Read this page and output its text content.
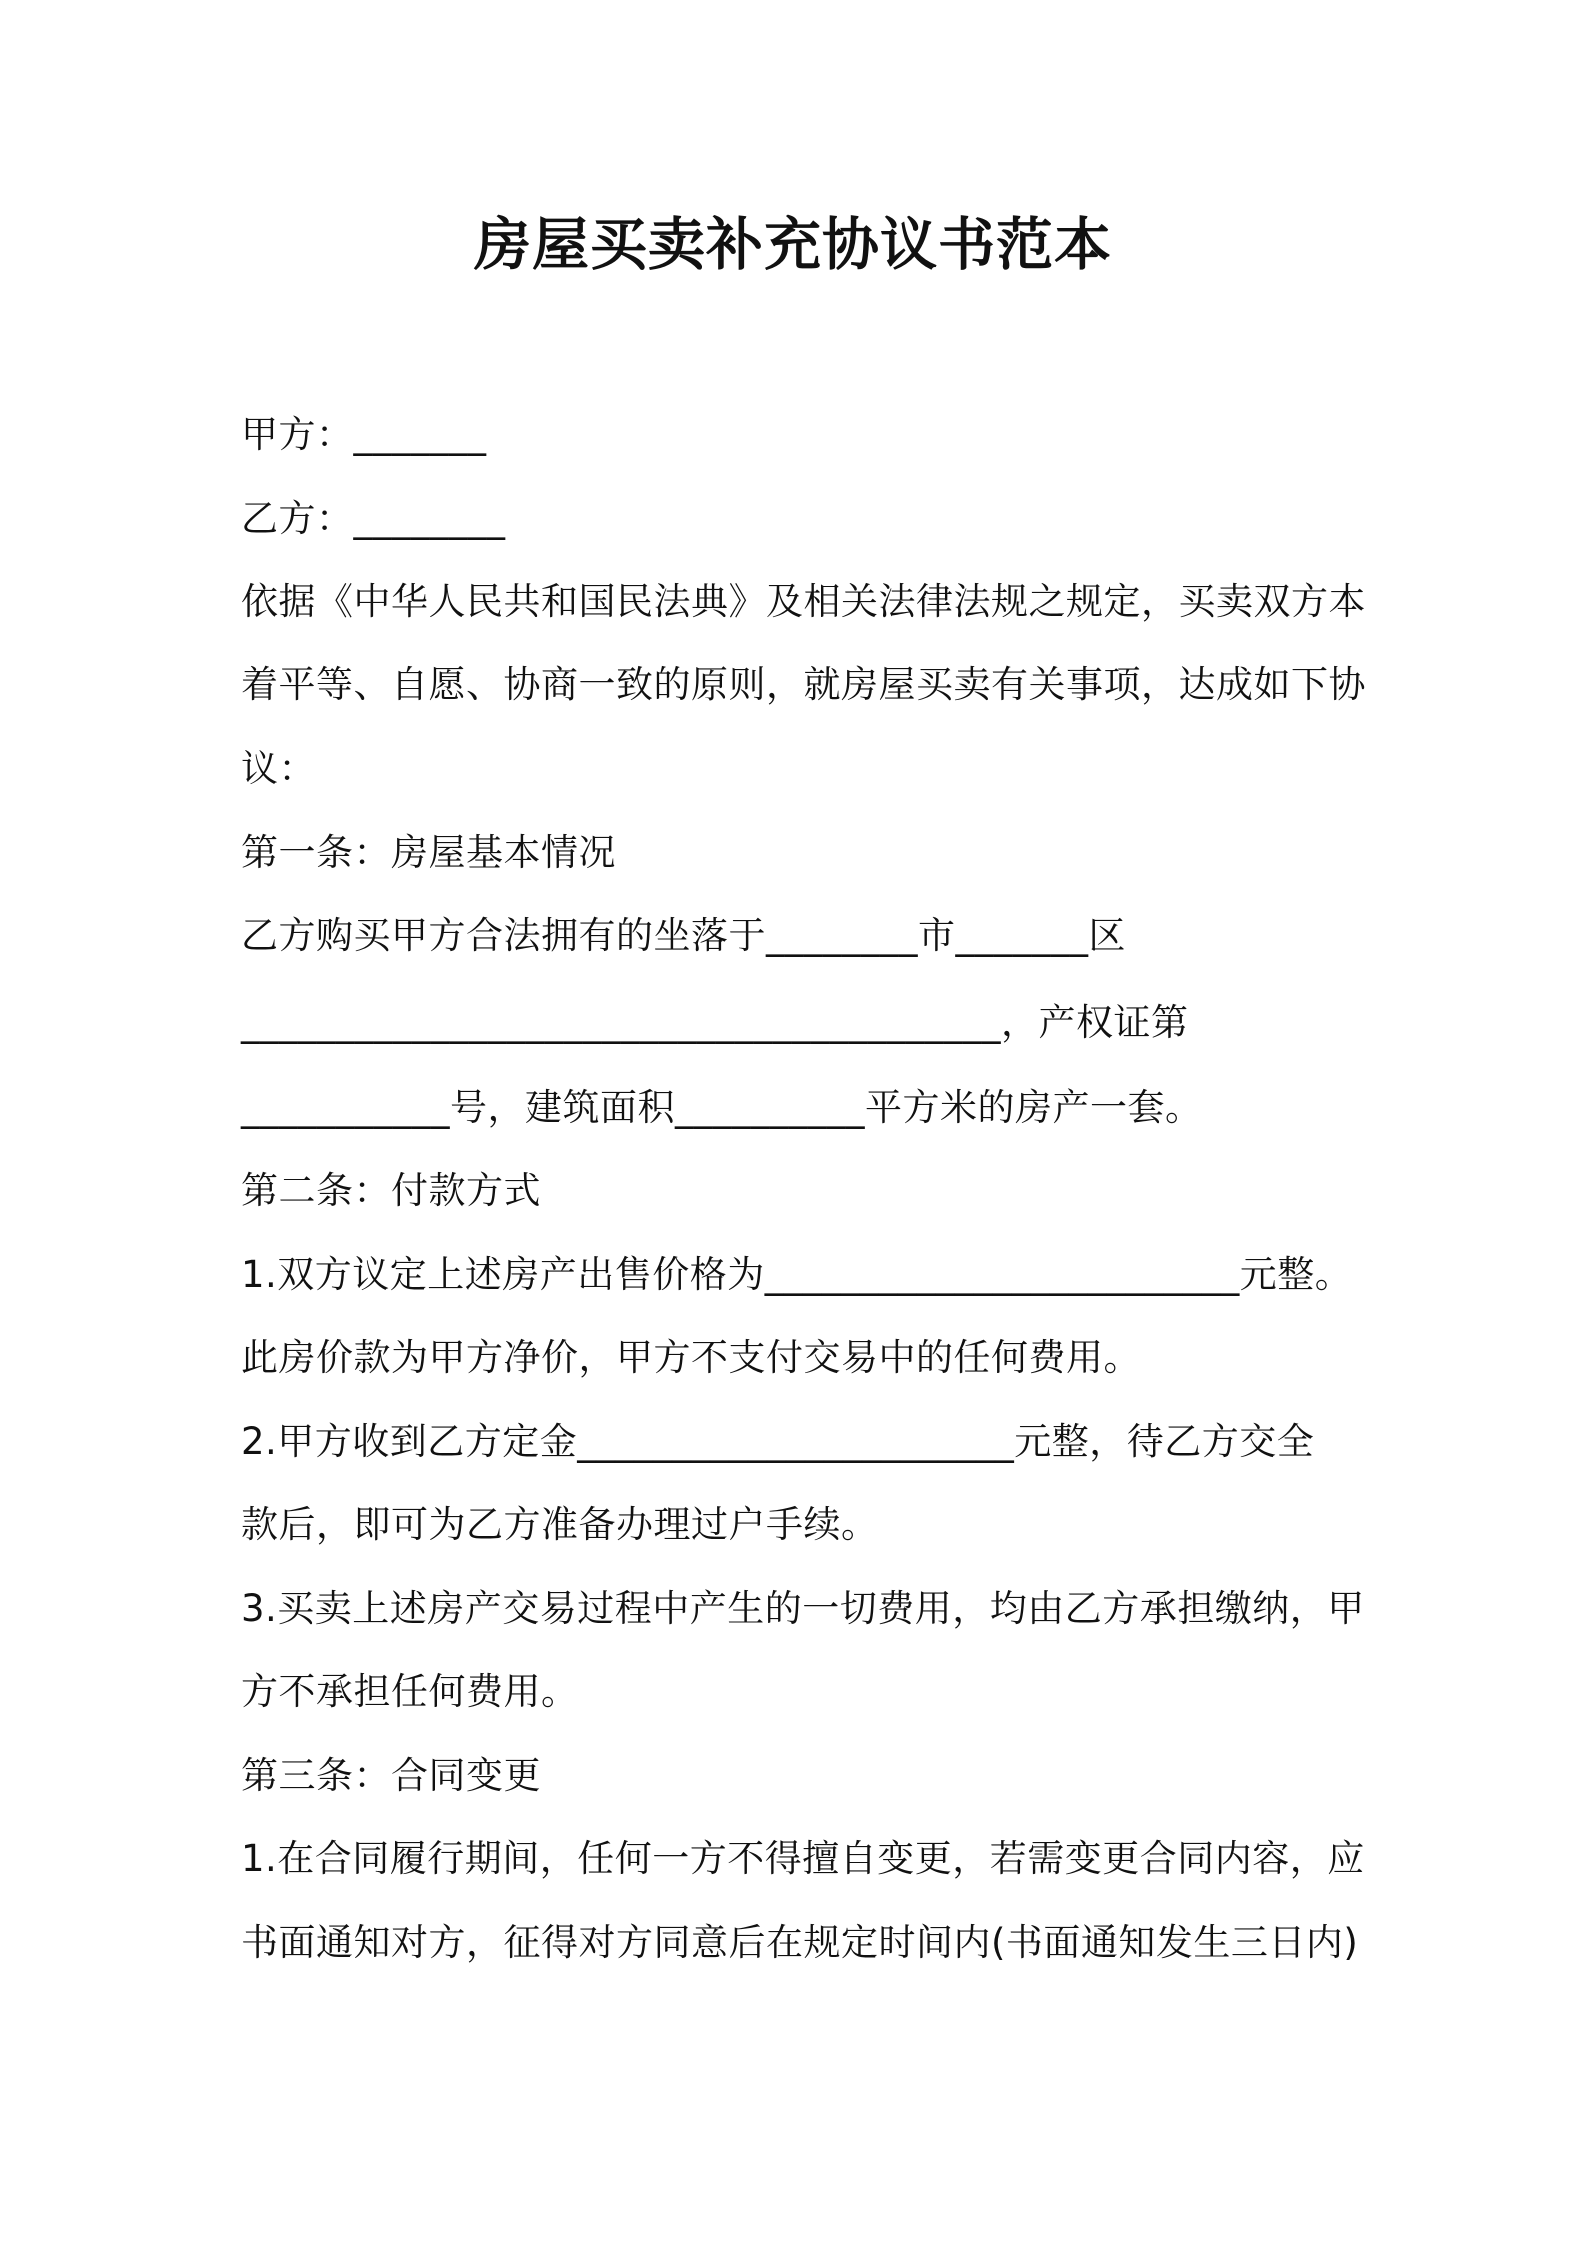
房屋买卖补充协议书范本

甲方：_______

乙方：________

依据《中华人民共和国民法典》及相关法律法规之规定，买卖双方本

着平等、自愿、协商一致的原则，就房屋买卖有关事项，达成如下协

议：

第一条：房屋基本情况

乙方购买甲方合法拥有的坐落于________市_______区

________________________________________，产权证第

___________号，建筑面积__________平方米的房产一套。

第二条：付款方式

1.双方议定上述房产出售价格为_________________________元整。

此房价款为甲方净价，甲方不支付交易中的任何费用。

2.甲方收到乙方定金_______________________元整，待乙方交全

款后，即可为乙方准备办理过户手续。

3.买卖上述房产交易过程中产生的一切费用，均由乙方承担缴纳，甲

方不承担任何费用。

第三条：合同变更

1.在合同履行期间，任何一方不得擅自变更，若需变更合同内容，应

书面通知对方，征得对方同意后在规定时间内(书面通知发生三日内)
